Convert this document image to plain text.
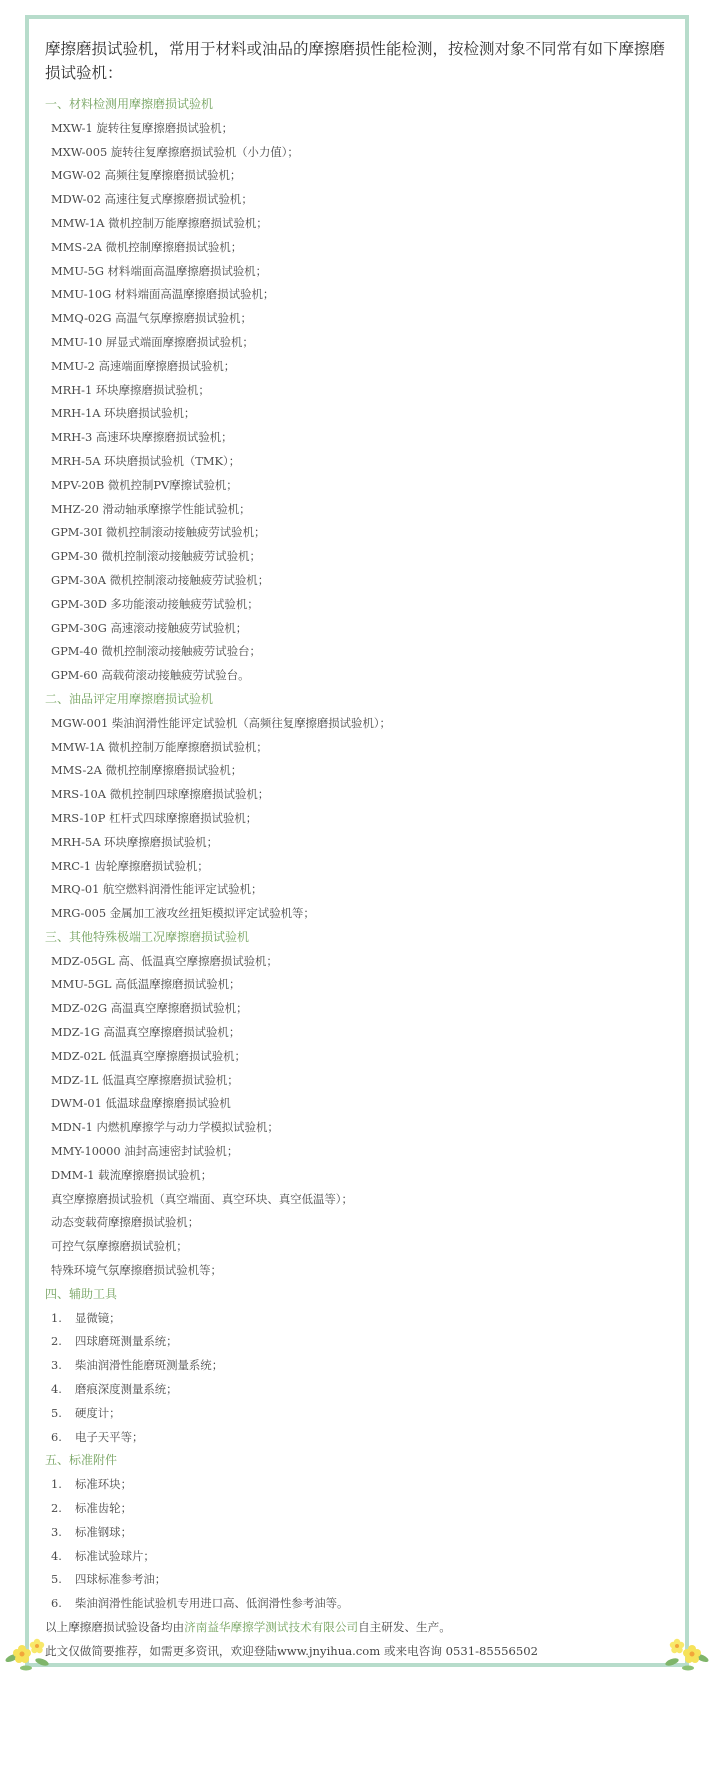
摩擦磨损试验机，常用于材料或油品的摩擦磨损性能检测，按检测对象不同常有如下摩擦磨损试验机：
一、材料检测用摩擦磨损试验机
MXW-1 旋转往复摩擦磨损试验机；
MXW-005 旋转往复摩擦磨损试验机（小力值）；
MGW-02 高频往复摩擦磨损试验机；
MDW-02 高速往复式摩擦磨损试验机；
MMW-1A 微机控制万能摩擦磨损试验机；
MMS-2A 微机控制摩擦磨损试验机；
MMU-5G 材料端面高温摩擦磨损试验机；
MMU-10G 材料端面高温摩擦磨损试验机；
MMQ-02G 高温气氛摩擦磨损试验机；
MMU-10 屏显式端面摩擦磨损试验机；
MMU-2 高速端面摩擦磨损试验机；
MRH-1 环块摩擦磨损试验机；
MRH-1A 环块磨损试验机；
MRH-3 高速环块摩擦磨损试验机；
MRH-5A 环块磨损试验机（TMK）；
MPV-20B 微机控制PV摩擦试验机；
MHZ-20 滑动轴承摩擦学性能试验机；
GPM-30I 微机控制滚动接触疲劳试验机；
GPM-30 微机控制滚动接触疲劳试验机；
GPM-30A 微机控制滚动接触疲劳试验机；
GPM-30D 多功能滚动接触疲劳试验机；
GPM-30G 高速滚动接触疲劳试验机；
GPM-40 微机控制滚动接触疲劳试验台；
GPM-60 高载荷滚动接触疲劳试验台。
二、油品评定用摩擦磨损试验机
MGW-001 柴油润滑性能评定试验机（高频往复摩擦磨损试验机）；
MMW-1A 微机控制万能摩擦磨损试验机；
MMS-2A 微机控制摩擦磨损试验机；
MRS-10A 微机控制四球摩擦磨损试验机；
MRS-10P 杠杆式四球摩擦磨损试验机；
MRH-5A 环块摩擦磨损试验机；
MRC-1 齿轮摩擦磨损试验机；
MRQ-01 航空燃料润滑性能评定试验机；
MRG-005 金属加工液攻丝扭矩模拟评定试验机等；
三、其他特殊极端工况摩擦磨损试验机
MDZ-05GL 高、低温真空摩擦磨损试验机；
MMU-5GL 高低温摩擦磨损试验机；
MDZ-02G 高温真空摩擦磨损试验机；
MDZ-1G 高温真空摩擦磨损试验机；
MDZ-02L 低温真空摩擦磨损试验机；
MDZ-1L 低温真空摩擦磨损试验机；
DWM-01 低温球盘摩擦磨损试验机
MDN-1 内燃机摩擦学与动力学模拟试验机；
MMY-10000 油封高速密封试验机；
DMM-1 载流摩擦磨损试验机；
真空摩擦磨损试验机（真空端面、真空环块、真空低温等）；
动态变载荷摩擦磨损试验机；
可控气氛摩擦磨损试验机；
特殊环境气氛摩擦磨损试验机等；
四、辅助工具
1. 显微镜；
2. 四球磨斑测量系统；
3. 柴油润滑性能磨斑测量系统；
4. 磨痕深度测量系统；
5. 硬度计；
6. 电子天平等；
五、标准附件
1. 标准环块；
2. 标准齿轮；
3. 标准钢球；
4. 标准试验球片；
5. 四球标准参考油；
6. 柴油润滑性能试验机专用进口高、低润滑性参考油等。
以上摩擦磨损试验设备均由济南益华摩擦学测试技术有限公司自主研发、生产。
此文仅做简要推荐，如需更多资讯，欢迎登陆www.jnyihua.com 或来电咨询 0531-85556502
